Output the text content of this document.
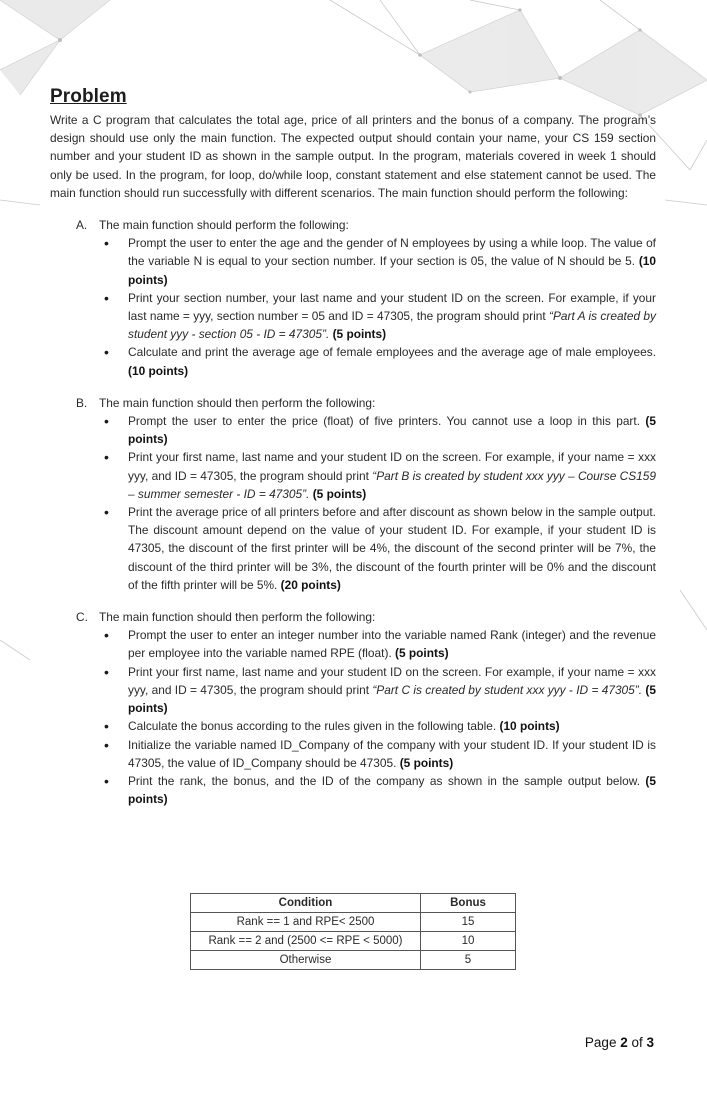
Problem

Write a C program that calculates the total age, price of all printers and the bonus of a company. The program’s design should use only the main function. The expected output should contain your name, your CS 159 section number and your student ID as shown in the sample output. In the program, materials covered in week 1 should only be used. In the program, for loop, do/while loop, constant statement and else statement cannot be used. The main function should run successfully with different scenarios. The main function should perform the following:

A. The main function should perform the following:
• Prompt the user to enter the age and the gender of N employees by using a while loop. The value of the variable N is equal to your section number. If your section is 05, the value of N should be 5. (10 points)
• Print your section number, your last name and your student ID on the screen. For example, if your last name = yyy, section number = 05 and ID = 47305, the program should print “Part A is created by student yyy - section 05 - ID = 47305”. (5 points)
• Calculate and print the average age of female employees and the average age of male employees. (10 points)
B. The main function should then perform the following:
• Prompt the user to enter the price (float) of five printers. You cannot use a loop in this part. (5 points)
• Print your first name, last name and your student ID on the screen. For example, if your name = xxx yyy, and ID = 47305, the program should print “Part B is created by student xxx yyy – Course CS159 – summer semester - ID = 47305”. (5 points)
• Print the average price of all printers before and after discount as shown below in the sample output. The discount amount depend on the value of your student ID. For example, if your student ID is 47305, the discount of the first printer will be 4%, the discount of the second printer will be 7%, the discount of the third printer will be 3%, the discount of the fourth printer will be 0% and the discount of the fifth printer will be 5%. (20 points)
C. The main function should then perform the following:
• Prompt the user to enter an integer number into the variable named Rank (integer) and the revenue per employee into the variable named RPE (float). (5 points)
• Print your first name, last name and your student ID on the screen. For example, if your name = xxx yyy, and ID = 47305, the program should print “Part C is created by student xxx yyy - ID = 47305”. (5 points)
• Calculate the bonus according to the rules given in the following table. (10 points)
• Initialize the variable named ID_Company of the company with your student ID. If your student ID is 47305, the value of ID_Company should be 47305. (5 points)
• Print the rank, the bonus, and the ID of the company as shown in the sample output below. (5 points)
Condition	Bonus
Rank == 1 and RPE< 2500	15
Rank == 2 and (2500 <= RPE < 5000)	10
Otherwise	5
Page 2 of 3
